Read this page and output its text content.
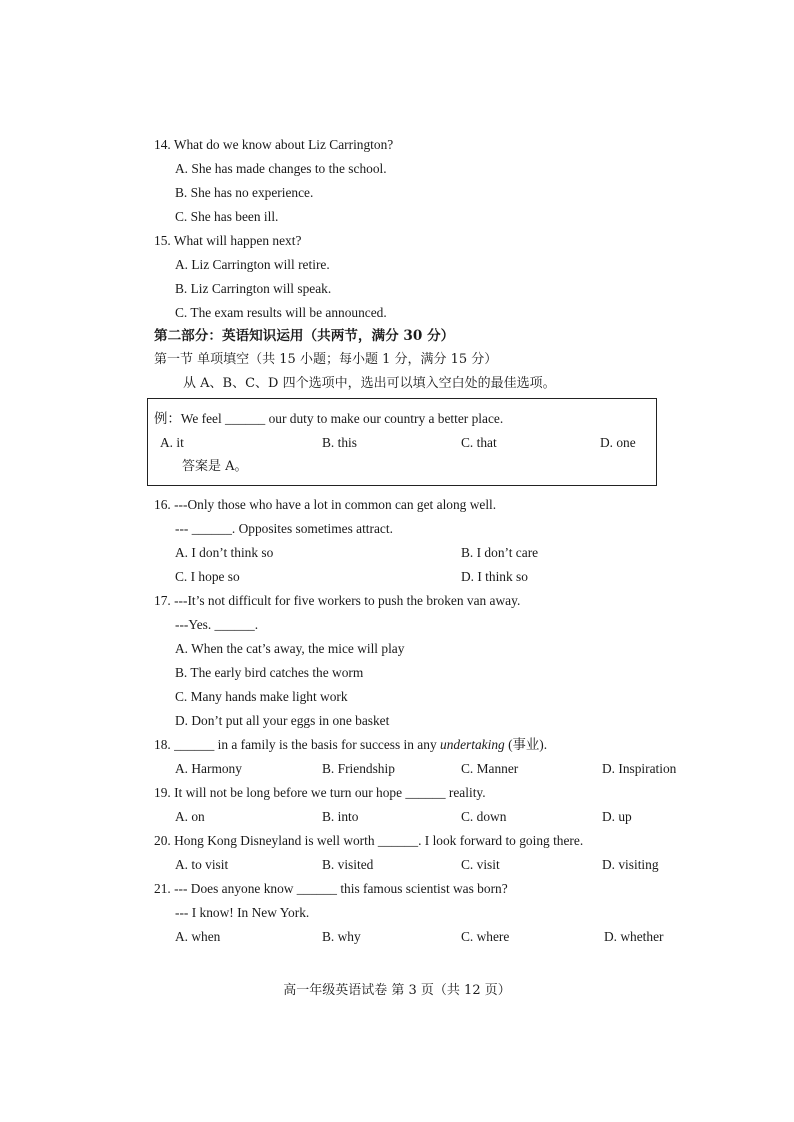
14. What do we know about Liz Carrington?
A. She has made changes to the school.
B. She has no experience.
C. She has been ill.
15. What will happen next?
A. Liz Carrington will retire.
B. Liz Carrington will speak.
C. The exam results will be announced.
第二部分：英语知识运用（共两节，满分 30 分）
第一节 单项填空（共 15 小题；每小题 1 分，满分 15 分）
从 A、B、C、D 四个选项中，选出可以填入空白处的最佳选项。
例：We feel ______ our duty to make our country a better place.
A. it	B. this	C. that	D. one
答案是 A。
16. ---Only those who have a lot in common can get along well.
--- ______. Opposites sometimes attract.
A. I don’t think so	B. I don’t care
C. I hope so	D. I think so
17. ---It’s not difficult for five workers to push the broken van away.
---Yes. ______.
A. When the cat’s away, the mice will play
B. The early bird catches the worm
C. Many hands make light work
D. Don’t put all your eggs in one basket
18. ______ in a family is the basis for success in any undertaking (事业).
A. Harmony	B. Friendship	C. Manner	D. Inspiration
19. It will not be long before we turn our hope ______ reality.
A. on	B. into	C. down	D. up
20. Hong Kong Disneyland is well worth ______. I look forward to going there.
A. to visit	B. visited	C. visit	D. visiting
21. --- Does anyone know ______ this famous scientist was born?
--- I know! In New York.
A. when	B. why	C. where	D. whether
高一年级英语试卷 第 3 页（共 12 页）
